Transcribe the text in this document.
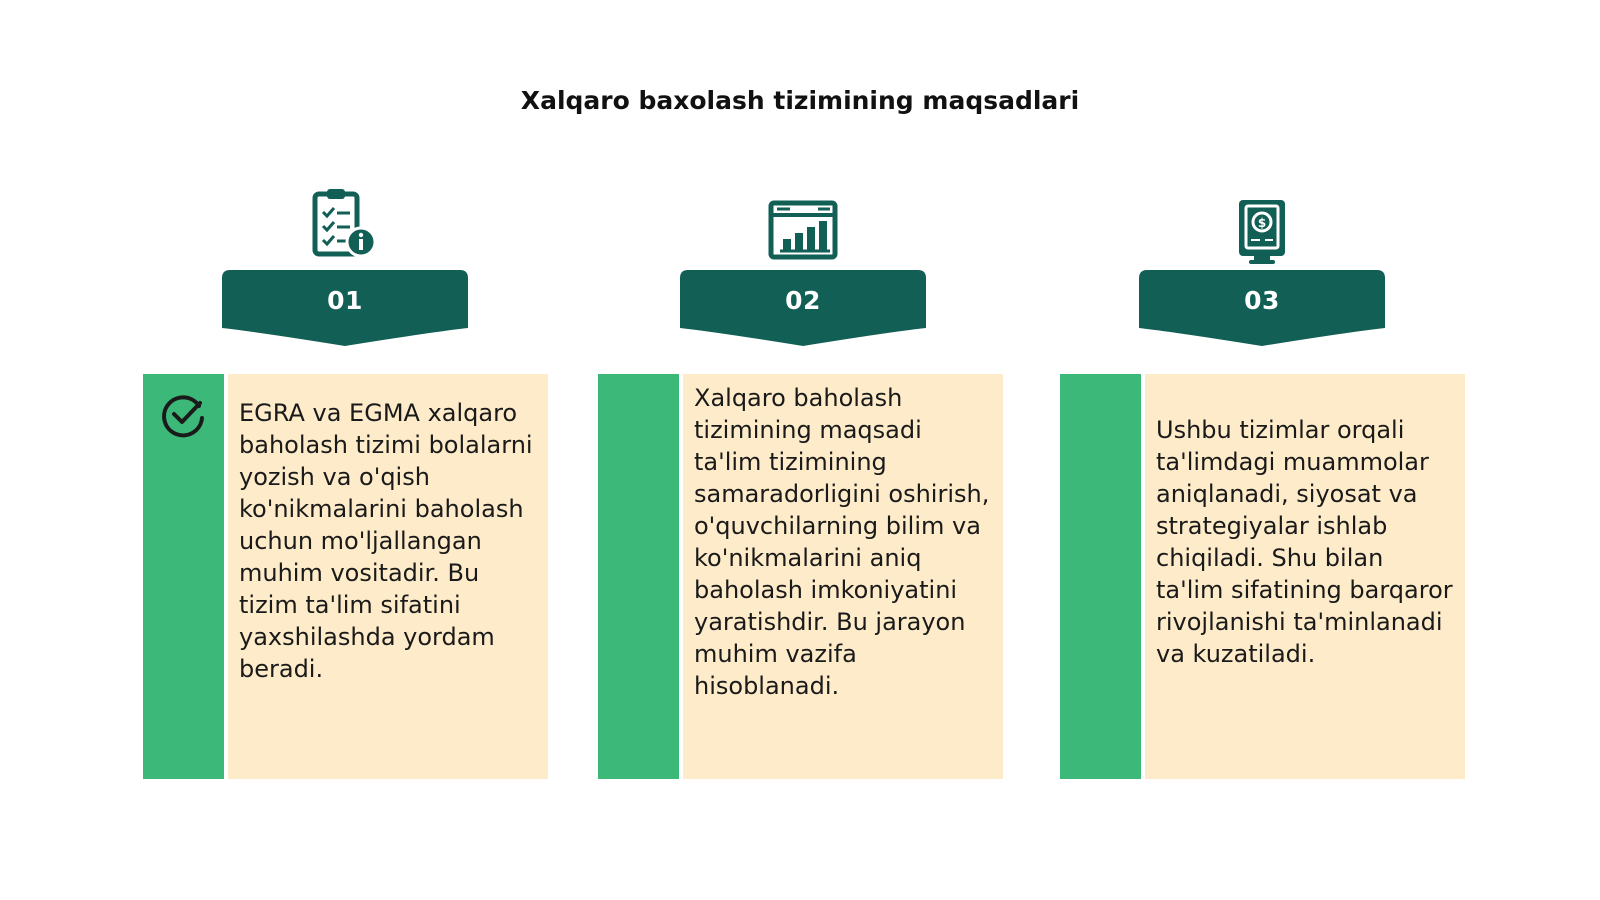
Xalqaro baxolash tizimining maqsadlari
$
01	02	03
EGRA va EGMA xalqaro baholash tizimi bolalarni yozish va o'qish ko'nikmalarini baholash uchun mo'ljallangan muhim vositadir. Bu tizim ta'lim sifatini yaxshilashda yordam beradi.
Xalqaro baholash tizimining maqsadi ta'lim tizimining samaradorligini oshirish, o'quvchilarning bilim va ko'nikmalarini aniq baholash imkoniyatini yaratishdir. Bu jarayon muhim vazifa hisoblanadi.
Ushbu tizimlar orqali ta'limdagi muammolar aniqlanadi, siyosat va strategiyalar ishlab chiqiladi. Shu bilan ta'lim sifatining barqaror rivojlanishi ta'minlanadi va kuzatiladi.
